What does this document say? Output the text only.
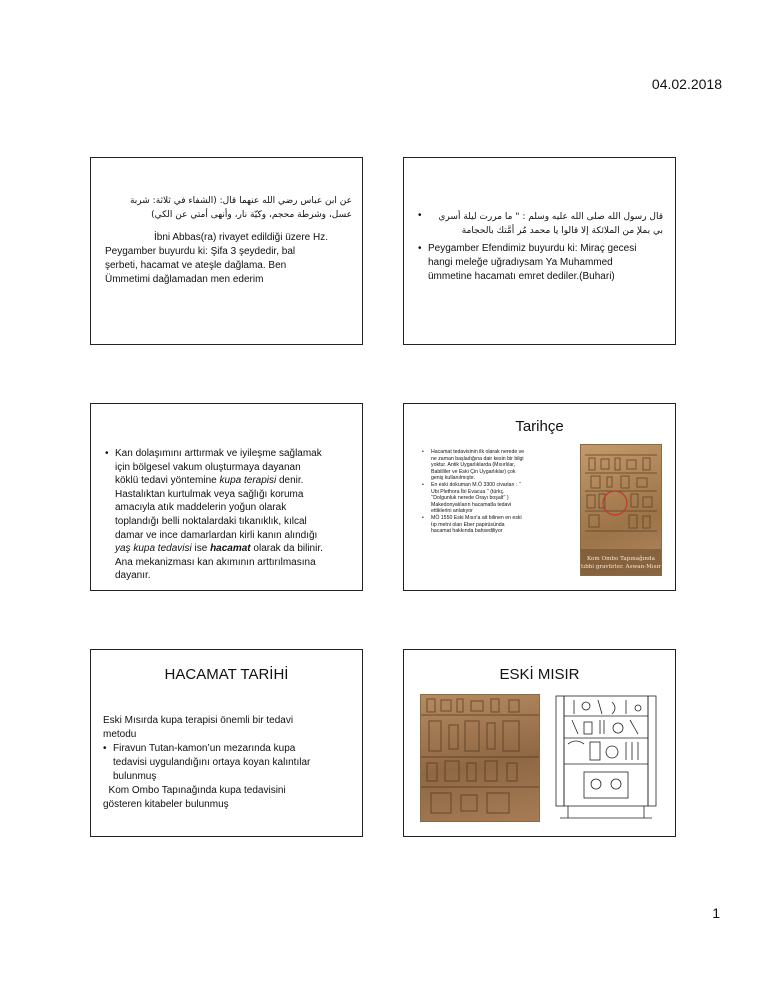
04.02.2018
عن ابن عباس رضي الله عنهما قال: (الشفاء في ثلاثة: شربة
عسل، وشرطة محجم، وكيّة نار، وأنهى أمتي عن الكي)
İbni Abbas(ra) rivayet edildiği üzere Hz.
Peygamber buyurdu ki: Şifa 3 şeydedir, bal
şerbeti, hacamat ve ateşle dağlama. Ben
Ümmetimi dağlamadan men ederim
•	قال رسول الله صلى الله عليه وسلم : " ما مررت ليلة أسري
بي بملإ من الملائكة إلا قالوا يا محمد مُر أمَّتك بالحجامة
• Peygamber Efendimiz buyurdu ki: Miraç gecesi
hangi meleğe uğradıysam Ya Muhammed
ümmetine hacamatı emret dediler.(Buhari)
• Kan dolaşımını arttırmak ve iyileşme sağlamak
için bölgesel vakum oluşturmaya dayanan
köklü tedavi yöntemine kupa terapisi denir.
Hastalıktan kurtulmak veya sağlığı koruma
amacıyla atık maddelerin yoğun olarak
toplandığı belli noktalardaki tıkanıklık, kılcal
damar ve ince damarlardan kirli kanın alındığı
yaş kupa tedavisi ise hacamat olarak da bilinir.
Ana mekanizması kan akımının arttırılmasına
dayanır.
Tarihçe
• Hacamat tedavisinin ilk olarak nerede ve
ne zaman başladığına dair kesin bir bilgi
yoktur. Antik Uygarlıklarda (Mısırlılar,
Babilliler ve Eski Çin Uygarlıklar) çok
geniş kullanılmıştır.
• En eski dokuman M.Ö 3300 civarları : ‘’
Ubi Plethora İbi Evacua ‘’ (türkç.
‘’Dolgunluk nerede Orayı boşalt’’ )
Makedonyalıların hacamatla tedavi
ettiklerini anlatıyor
• MÖ 1550 Eski Mısır'a ait bilinen en eski
tıp metni olan Eber papirüsünda
hacamat hakkında bahsediliyor
Kom Ombo Tapınağında
tıbbi gravürler. Aswan-Mısır
HACAMAT TARİHİ
Eski Mısırda kupa terapisi önemli bir tedavi
metodu
• Firavun Tutan-kamon’un mezarında kupa
tedavisi uygulandığını ortaya koyan kalıntılar
bulunmuş
Kom Ombo Tapınağında kupa tedavisini
gösteren kitabeler bulunmuş
ESKİ MISIR
1
